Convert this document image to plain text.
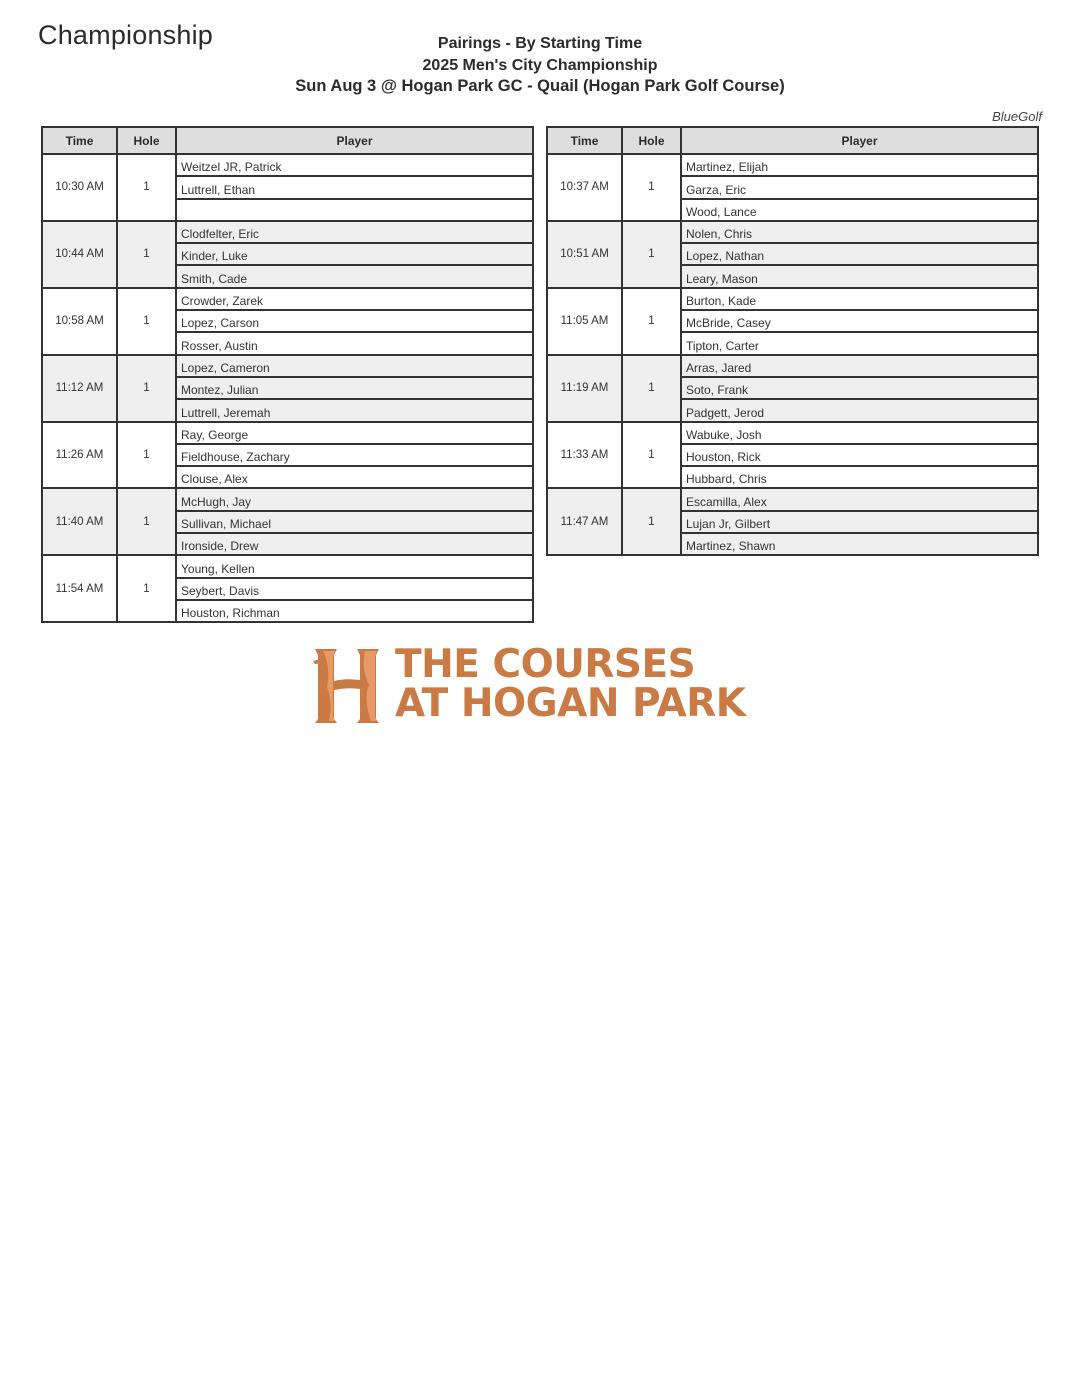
Championship	Pairings - By Starting Time
2025 Men's City Championship
Sun Aug 3 @ Hogan Park GC - Quail (Hogan Park Golf Course)
BlueGolf
Time	Hole	Player
10:30 AM	1	Weitzel JR, Patrick
		Luttrell, Ethan

10:44 AM	1	Clodfelter, Eric
		Kinder, Luke
		Smith, Cade
10:58 AM	1	Crowder, Zarek
		Lopez, Carson
		Rosser, Austin
11:12 AM	1	Lopez, Cameron
		Montez, Julian
		Luttrell, Jeremah
11:26 AM	1	Ray, George
		Fieldhouse, Zachary
		Clouse, Alex
11:40 AM	1	McHugh, Jay
		Sullivan, Michael
		Ironside, Drew
11:54 AM	1	Young, Kellen
		Seybert, Davis
		Houston, Richman
Time	Hole	Player
10:37 AM	1	Martinez, Elijah
		Garza, Eric
		Wood, Lance
10:51 AM	1	Nolen, Chris
		Lopez, Nathan
		Leary, Mason
11:05 AM	1	Burton, Kade
		McBride, Casey
		Tipton, Carter
11:19 AM	1	Arras, Jared
		Soto, Frank
		Padgett, Jerod
11:33 AM	1	Wabuke, Josh
		Houston, Rick
		Hubbard, Chris
11:47 AM	1	Escamilla, Alex
		Lujan Jr, Gilbert
		Martinez, Shawn
THE COURSES
AT HOGAN PARK
